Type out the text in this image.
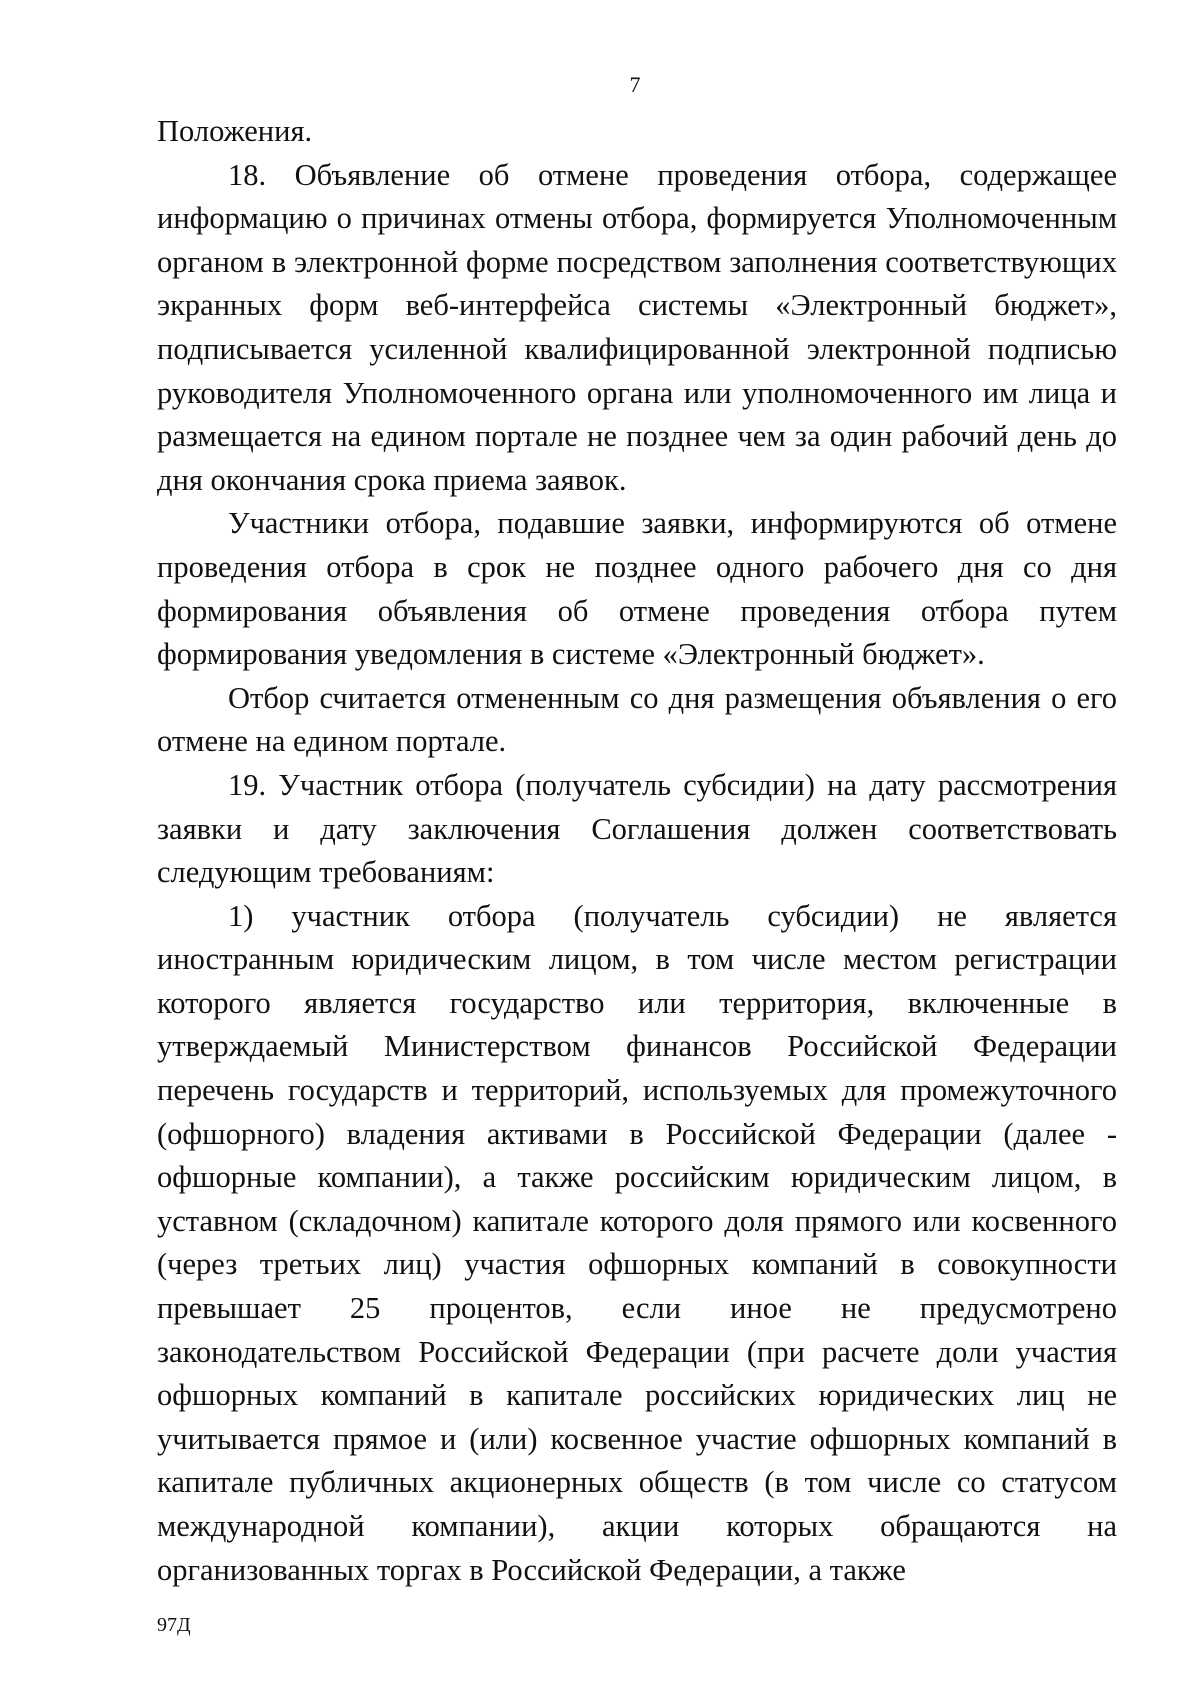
7

Положения.

18. Объявление об отмене проведения отбора, содержащее информацию о причинах отмены отбора, формируется Уполномоченным органом в электронной форме посредством заполнения соответствующих экранных форм веб-интерфейса системы «Электронный бюджет», подписывается усиленной квалифицированной электронной подписью руководителя Уполномоченного органа или уполномоченного им лица и размещается на едином портале не позднее чем за один рабочий день до дня окончания срока приема заявок.

Участники отбора, подавшие заявки, информируются об отмене проведения отбора в срок не позднее одного рабочего дня со дня формирования объявления об отмене проведения отбора путем формирования уведомления в системе «Электронный бюджет».

Отбор считается отмененным со дня размещения объявления о его отмене на едином портале.

19. Участник отбора (получатель субсидии) на дату рассмотрения заявки и дату заключения Соглашения должен соответствовать следующим требованиям:

1) участник отбора (получатель субсидии) не является иностранным юридическим лицом, в том числе местом регистрации которого является государство или территория, включенные в утверждаемый Министерством финансов Российской Федерации перечень государств и территорий, используемых для промежуточного (офшорного) владения активами в Российской Федерации (далее - офшорные компании), а также российским юридическим лицом, в уставном (складочном) капитале которого доля прямого или косвенного (через третьих лиц) участия офшорных компаний в совокупности превышает 25 процентов, если иное не предусмотрено законодательством Российской Федерации (при расчете доли участия офшорных компаний в капитале российских юридических лиц не учитывается прямое и (или) косвенное участие офшорных компаний в капитале публичных акционерных обществ (в том числе со статусом международной компании), акции которых обращаются на организованных торгах в Российской Федерации, а также

97Д
